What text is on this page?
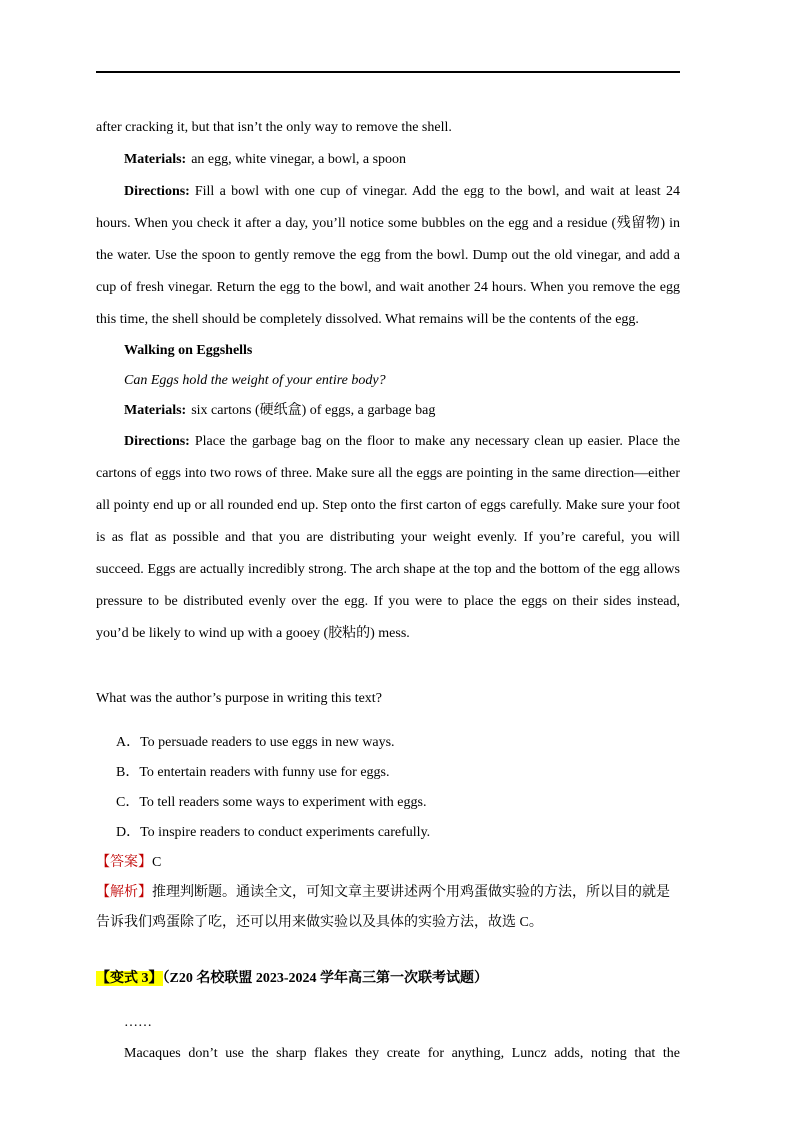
after cracking it, but that isn’t the only way to remove the shell.

Materials: an egg, white vinegar, a bowl, a spoon

Directions: Fill a bowl with one cup of vinegar. Add the egg to the bowl, and wait at least 24 hours. When you check it after a day, you’ll notice some bubbles on the egg and a residue (残留物) in the water. Use the spoon to gently remove the egg from the bowl. Dump out the old vinegar, and add a cup of fresh vinegar. Return the egg to the bowl, and wait another 24 hours. When you remove the egg this time, the shell should be completely dissolved. What remains will be the contents of the egg.

Walking on Eggshells

Can Eggs hold the weight of your entire body?

Materials: six cartons (硬纸盒) of eggs, a garbage bag

Directions: Place the garbage bag on the floor to make any necessary clean up easier. Place the cartons of eggs into two rows of three. Make sure all the eggs are pointing in the same direction—either all pointy end up or all rounded end up. Step onto the first carton of eggs carefully. Make sure your foot is as flat as possible and that you are distributing your weight evenly. If you’re careful, you will succeed. Eggs are actually incredibly strong. The arch shape at the top and the bottom of the egg allows pressure to be distributed evenly over the egg. If you were to place the eggs on their sides instead, you’d be likely to wind up with a gooey (胶粘的) mess.

What was the author’s purpose in writing this text?

A．To persuade readers to use eggs in new ways.
B．To entertain readers with funny use for eggs.
C．To tell readers some ways to experiment with eggs.
D．To inspire readers to conduct experiments carefully.

【答案】C

【解析】推理判断题。通读全文，可知文章主要讲述两个用鸡蛋做实验的方法，所以目的就是告诉我们鸡蛋除了吃，还可以用来做实验以及具体的实验方法，故选 C。

【变式 3】（Z20 名校联盟 2023-2024 学年高三第一次联考试题）

……

Macaques don’t use the sharp flakes they create for anything, Luncz adds, noting that the
